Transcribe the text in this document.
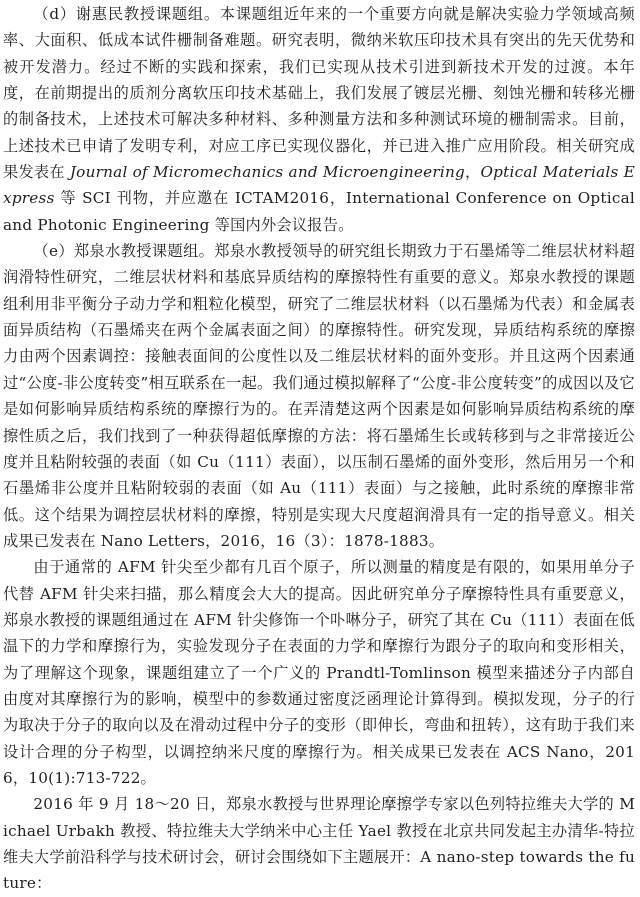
（d）谢惠民教授课题组。本课题组近年来的一个重要方向就是解决实验力学领域高频率、大面积、低成本试件栅制备难题。研究表明，微纳米软压印技术具有突出的先天优势和被开发潜力。经过不断的实践和探索，我们已实现从技术引进到新技术开发的过渡。本年度，在前期提出的质剂分离软压印技术基础上，我们发展了镀层光栅、刻蚀光栅和转移光栅的制备技术，上述技术可解决多种材料、多种测量方法和多种测试环境的栅制需求。目前，上述技术已申请了发明专利，对应工序已实现仪器化，并已进入推广应用阶段。相关研究成果发表在 Journal of Micromechanics and Microengineering，Optical Materials Express 等 SCI 刊物，并应邀在 ICTAM2016，International Conference on Optical and Photonic Engineering 等国内外会议报告。

（e）郑泉水教授课题组。郑泉水教授领导的研究组长期致力于石墨烯等二维层状材料超润滑特性研究，二维层状材料和基底异质结构的摩擦特性有重要的意义。郑泉水教授的课题组利用非平衡分子动力学和粗粒化模型，研究了二维层状材料（以石墨烯为代表）和金属表面异质结构（石墨烯夹在两个金属表面之间）的摩擦特性。研究发现，异质结构系统的摩擦力由两个因素调控：接触表面间的公度性以及二维层状材料的面外变形。并且这两个因素通过“公度-非公度转变”相互联系在一起。我们通过模拟解释了“公度-非公度转变”的成因以及它是如何影响异质结构系统的摩擦行为的。在弄清楚这两个因素是如何影响异质结构系统的摩擦性质之后，我们找到了一种获得超低摩擦的方法：将石墨烯生长或转移到与之非常接近公度并且粘附较强的表面（如 Cu（111）表面），以压制石墨烯的面外变形，然后用另一个和石墨烯非公度并且粘附较弱的表面（如 Au（111）表面）与之接触，此时系统的摩擦非常低。这个结果为调控层状材料的摩擦，特别是实现大尺度超润滑具有一定的指导意义。相关成果已发表在 Nano Letters，2016，16（3）：1878-1883。

由于通常的 AFM 针尖至少都有几百个原子，所以测量的精度是有限的，如果用单分子代替 AFM 针尖来扫描，那么精度会大大的提高。因此研究单分子摩擦特性具有重要意义，郑泉水教授的课题组通过在 AFM 针尖修饰一个卟啉分子，研究了其在 Cu（111）表面在低温下的力学和摩擦行为，实验发现分子在表面的力学和摩擦行为跟分子的取向和变形相关，为了理解这个现象，课题组建立了一个广义的 Prandtl-Tomlinson 模型来描述分子内部自由度对其摩擦行为的影响，模型中的参数通过密度泛函理论计算得到。模拟发现，分子的行为取决于分子的取向以及在滑动过程中分子的变形（即伸长，弯曲和扭转），这有助于我们来设计合理的分子构型，以调控纳米尺度的摩擦行为。相关成果已发表在 ACS Nano，2016，10(1):713-722。

2016 年 9 月 18～20 日，郑泉水教授与世界理论摩擦学专家以色列特拉维夫大学的 Michael Urbakh 教授、特拉维夫大学纳米中心主任 Yael 教授在北京共同发起主办清华-特拉维夫大学前沿科学与技术研讨会，研讨会围绕如下主题展开：A nano-step towards the future：
